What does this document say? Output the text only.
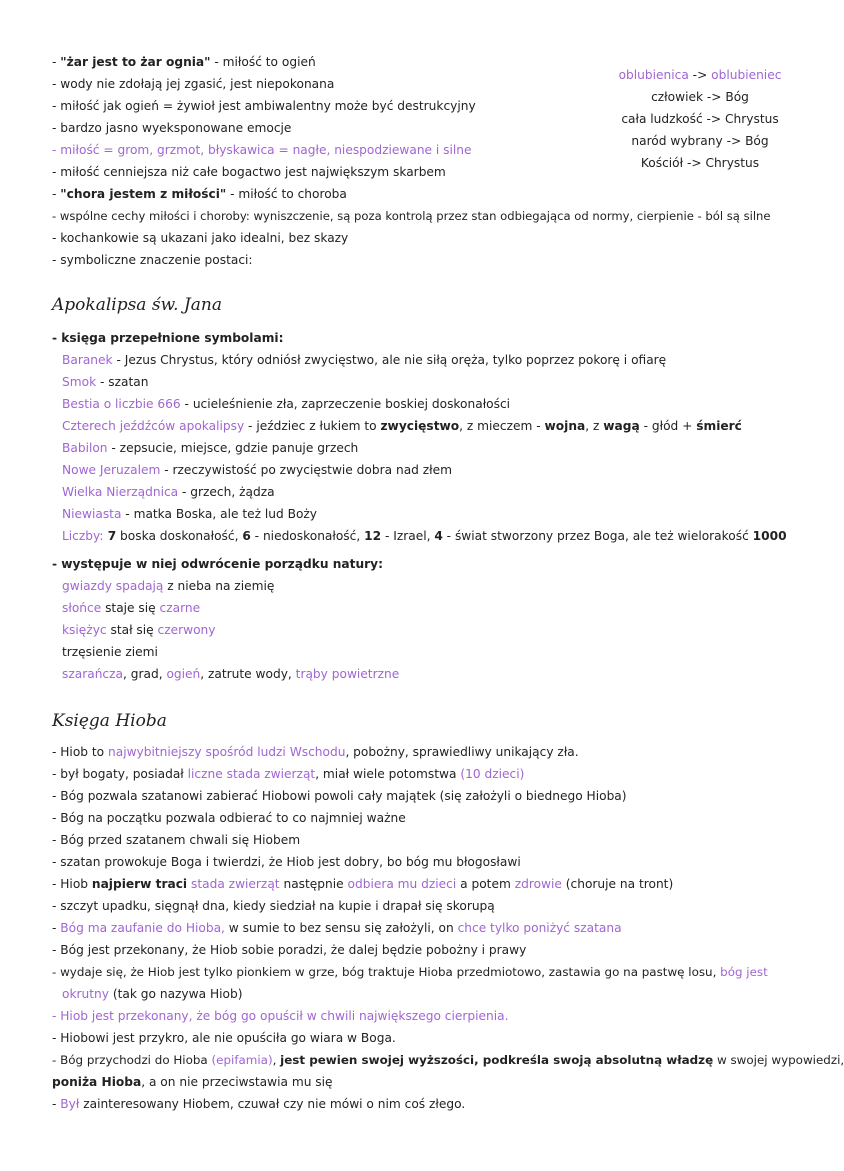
- "żar jest to żar ognia" - miłość to ogień
- wody nie zdołają jej zgasić, jest niepokonana
- miłość jak ogień = żywioł jest ambiwalentny może być destrukcyjny
- bardzo jasno wyeksponowane emocje
- miłość = grom, grzmot, błyskawica = nagłe, niespodziewane i silne
- miłość cenniejsza niż całe bogactwo jest największym skarbem
- "chora jestem z miłości" - miłość to choroba
- wspólne cechy miłości i choroby: wyniszczenie, są poza kontrolą przez stan odbiegająca od normy, cierpienie - ból są silne
- kochankowie są ukazani jako idealni, bez skazy
- symboliczne znaczenie postaci:
oblubienica -> oblubieniec
człowiek -> Bóg
cała ludzkość -> Chrystus
naród wybrany -> Bóg
Kościół -> Chrystus
Apokalipsa św. Jana
- księga przepełnione symbolami:
Baranek - Jezus Chrystus, który odniósł zwycięstwo, ale nie siłą oręża, tylko poprzez pokorę i ofiarę
Smok - szatan
Bestia o liczbie 666 - ucieleśnienie zła, zaprzeczenie boskiej doskonałości
Czterech jeźdźców apokalipsy - jeździec z łukiem to zwycięstwo, z mieczem - wojna, z wagą - głód + śmierć
Babilon - zepsucie, miejsce, gdzie panuje grzech
Nowe Jeruzalem - rzeczywistość po zwycięstwie dobra nad złem
Wielka Nierządnica - grzech, żądza
Niewiasta - matka Boska, ale też lud Boży
Liczby: 7 boska doskonałość, 6 - niedoskonałość, 12 - Izrael, 4 - świat stworzony przez Boga, ale też wielorakość 1000
- występuje w niej odwrócenie porządku natury:
gwiazdy spadają z nieba na ziemię
słońce staje się czarne
księżyc stał się czerwony
trzęsienie ziemi
szarańcza, grad, ogień, zatrute wody, trąby powietrzne
Księga Hioba
- Hiob to najwybitniejszy spośród ludzi Wschodu, pobożny, sprawiedliwy unikający zła.
- był bogaty, posiadał liczne stada zwierząt, miał wiele potomstwa (10 dzieci)
- Bóg pozwala szatanowi zabierać Hiobowi powoli cały majątek (się założyli o biednego Hioba)
- Bóg na początku pozwala odbierać to co najmniej ważne
- Bóg przed szatanem chwali się Hiobem
- szatan prowokuje Boga i twierdzi, że Hiob jest dobry, bo bóg mu błogosławi
- Hiob najpierw traci stada zwierząt następnie odbiera mu dzieci a potem zdrowie (choruje na tront)
- szczyt upadku, sięgnął dna, kiedy siedział na kupie i drapał się skorupą
- Bóg ma zaufanie do Hioba, w sumie to bez sensu się założyli, on chce tylko poniżyć szatana
- Bóg jest przekonany, że Hiob sobie poradzi, że dalej będzie pobożny i prawy
- wydaje się, że Hiob jest tylko pionkiem w grze, bóg traktuje Hioba przedmiotowo, zastawia go na pastwę losu, bóg jest
okrutny (tak go nazywa Hiob)
- Hiob jest przekonany, że bóg go opuścił w chwili największego cierpienia.
- Hiobowi jest przykro, ale nie opuściła go wiara w Boga.
- Bóg przychodzi do Hioba (epifamia), jest pewien swojej wyższości, podkreśla swoją absolutną władzę w swojej wypowiedzi,
poniża Hioba, a on nie przeciwstawia mu się
- Był zainteresowany Hiobem, czuwał czy nie mówi o nim coś złego.
